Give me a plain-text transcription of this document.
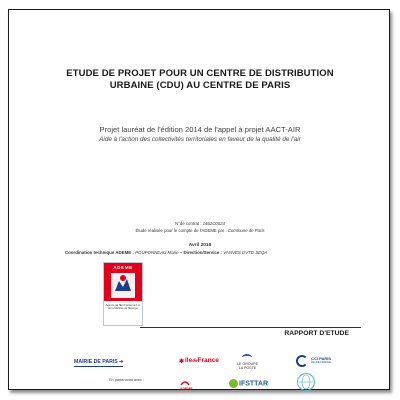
ETUDE DE PROJET POUR UN CENTRE DE DISTRIBUTION
URBAINE (CDU) AU CENTRE DE PARIS
Projet lauréat de l'édition 2014 de l'appel à projet AACT-AIR
Aide à l'action des collectivités territoriales en faveur de la qualité de l'air
N°de contrat : 1462C0024
Étude réalisée pour le compte de l'ADEME par : Commune de Paris
Avril 2016
Coordination technique ADEME : POUPONNEAU Marie – Direction/Service : VANVES DVTD SEQA
ADEME
Agence de l'Environnement et de la Maîtrise de l'Energie
RAPPORT D'ETUDE
MAIRIE DE PARIS ➔	✱îledeFrance	LE GROUPE
LA POSTE

CCI PARIS
ÎLE-DE-FRANCE
En partenariat avec :
ADEME
IFSTTAR
